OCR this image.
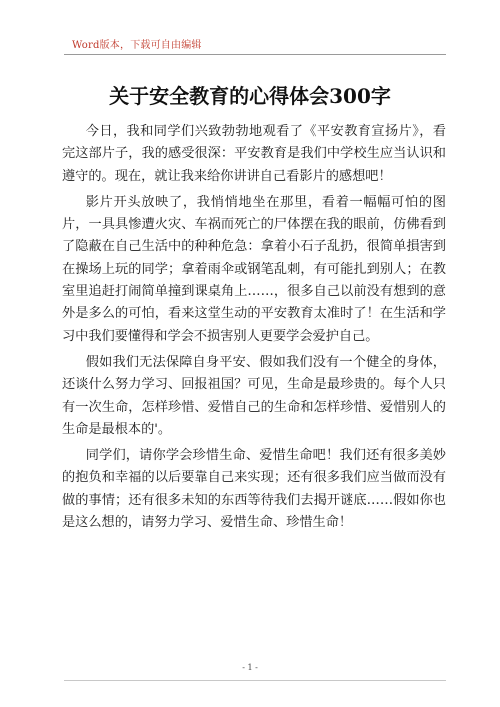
Word版本，下载可自由编辑
关于安全教育的心得体会300字

今日，我和同学们兴致勃勃地观看了《平安教育宣扬片》，看完这部片子，我的感受很深：平安教育是我们中学校生应当认识和遵守的。现在，就让我来给你讲讲自己看影片的感想吧！

影片开头放映了，我悄悄地坐在那里，看着一幅幅可怕的图片，一具具惨遭火灾、车祸而死亡的尸体摆在我的眼前，仿佛看到了隐蔽在自己生活中的种种危急：拿着小石子乱扔，很简单損害到在操场上玩的同学；拿着雨伞或钢笔乱刺，有可能扎到别人；在教室里追赶打闹简单撞到课桌角上……，很多自己以前没有想到的意外是多么的可怕，看来这堂生动的平安教育太准时了！在生活和学习中我们要懂得和学会不损害别人更要学会爱护自己。

假如我们无法保障自身平安、假如我们没有一个健全的身体，还谈什么努力学习、回报祖国？可见，生命是最珍贵的。每个人只有一次生命，怎样珍惜、爱惜自己的生命和怎样珍惜、爱惜别人的生命是最根本的'。

同学们，请你学会珍惜生命、爱惜生命吧！我们还有很多美妙的抱负和幸福的以后要靠自己来实现；还有很多我们应当做而没有做的事情；还有很多未知的东西等待我们去揭开谜底……假如你也是这么想的，请努力学习、爱惜生命、珍惜生命！

- 1 -
